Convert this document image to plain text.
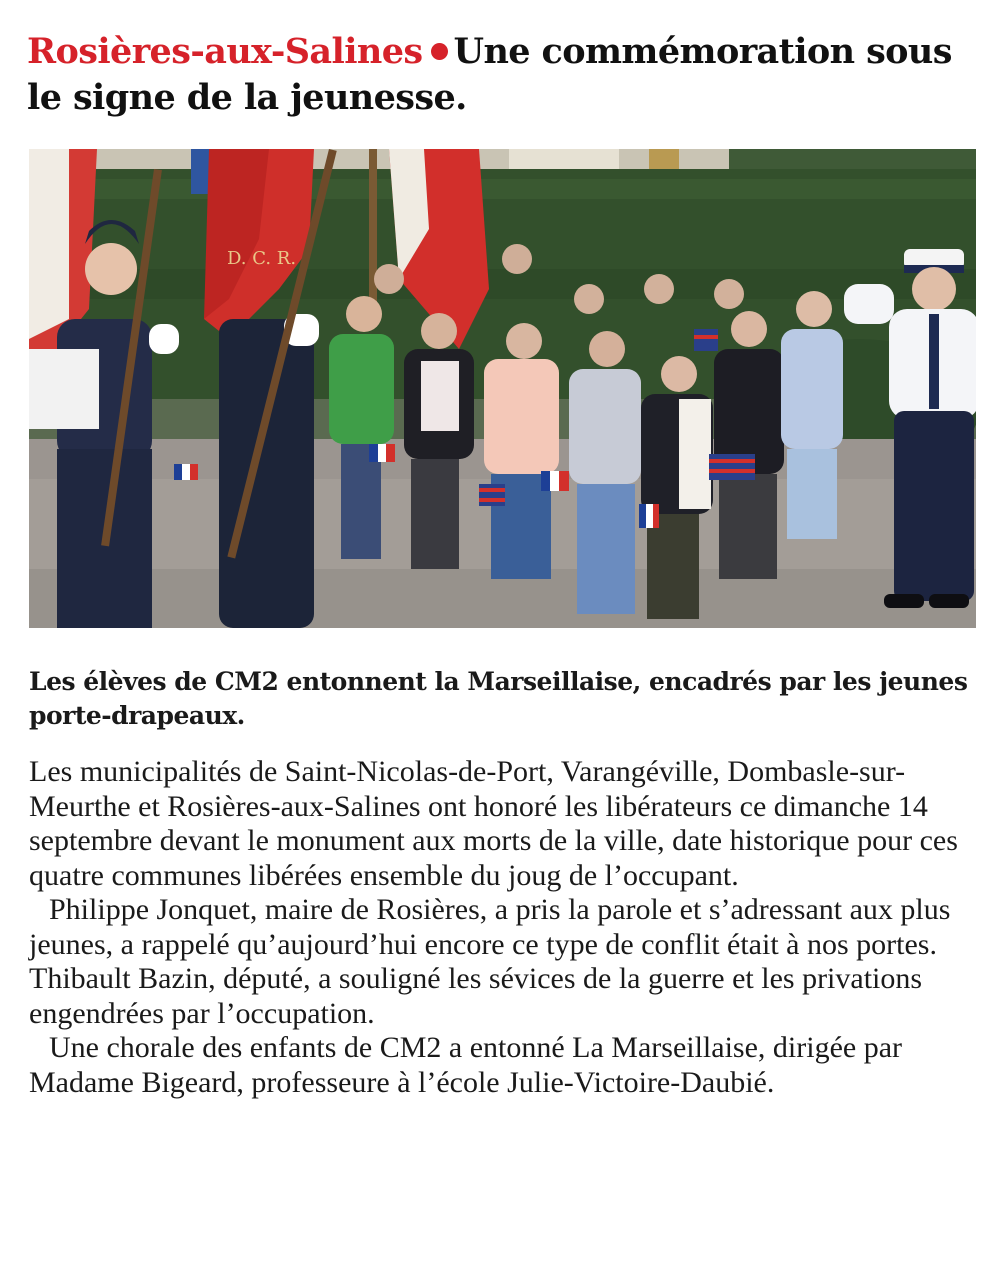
Rosières-aux-Salines Une commémoration sous le signe de la jeunesse.
D. C. R.

Les élèves de CM2 entonnent la Marseillaise, encadrés par les jeunes porte-drapeaux.

Les municipalités de Saint-Nicolas-de-Port, Varangéville, Dombasle-sur-Meurthe et Rosières-aux-Salines ont honoré les libérateurs ce dimanche 14 septembre devant le monument aux morts de la ville, date historique pour ces quatre communes libérées ensemble du joug de l’occupant.

Philippe Jonquet, maire de Rosières, a pris la parole et s’adressant aux plus jeunes, a rappelé qu’aujourd’hui encore ce type de conflit était à nos portes. Thibault Bazin, député, a souligné les sévices de la guerre et les privations engendrées par l’occupation.

Une chorale des enfants de CM2 a entonné La Marseillaise, dirigée par Madame Bigeard, professeure à l’école Julie-Victoire-Daubié.
